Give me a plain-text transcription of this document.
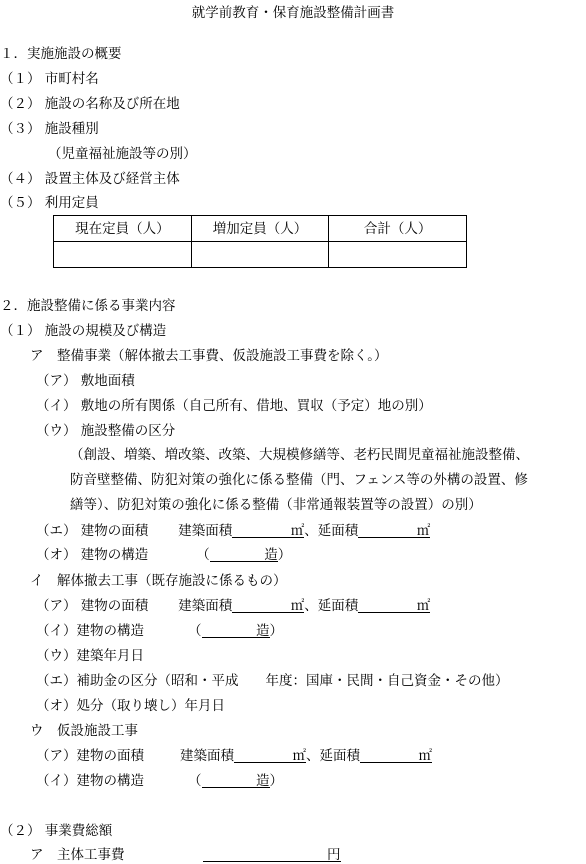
就学前教育・保育施設整備計画書
１．実施施設の概要
（１） 市町村名
（２） 施設の名称及び所在地
（３） 施設種別
（児童福祉施設等の別）
（４） 設置主体及び経営主体
（５） 利用定員
現在定員（人）	増加定員（人）	合計（人）

２．施設整備に係る事業内容
（１） 施設の規模及び構造
ア　整備事業（解体撤去工事費、仮設施設工事費を除く。）
（ア） 敷地面積
（イ） 敷地の所有関係（自己所有、借地、買収（予定）地の別）
（ウ） 施設整備の区分
（創設、増築、増改築、改築、大規模修繕等、老朽民間児童福祉施設整備、
防音壁整備、防犯対策の強化に係る整備（門、フェンス等の外構の設置、修
繕等）、防犯対策の強化に係る整備（非常通報装置等の設置）の別）
（エ） 建物の面積 建築面積	㎡、延面積	㎡
（オ） 建物の構造	（	造）
イ　解体撤去工事（既存施設に係るもの）
（ア） 建物の面積 建築面積	㎡、延面積	㎡
（イ）建物の構造	（	造）
（ウ）建築年月日
（エ）補助金の区分（昭和・平成　　年度：国庫・民間・自己資金・その他）
（オ）処分（取り壊し）年月日
ウ　仮設施設工事
（ア）建物の面積	建築面積	㎡、延面積	㎡
（イ）建物の構造	（	造）
（２） 事業費総額
ア　主体工事費	円
